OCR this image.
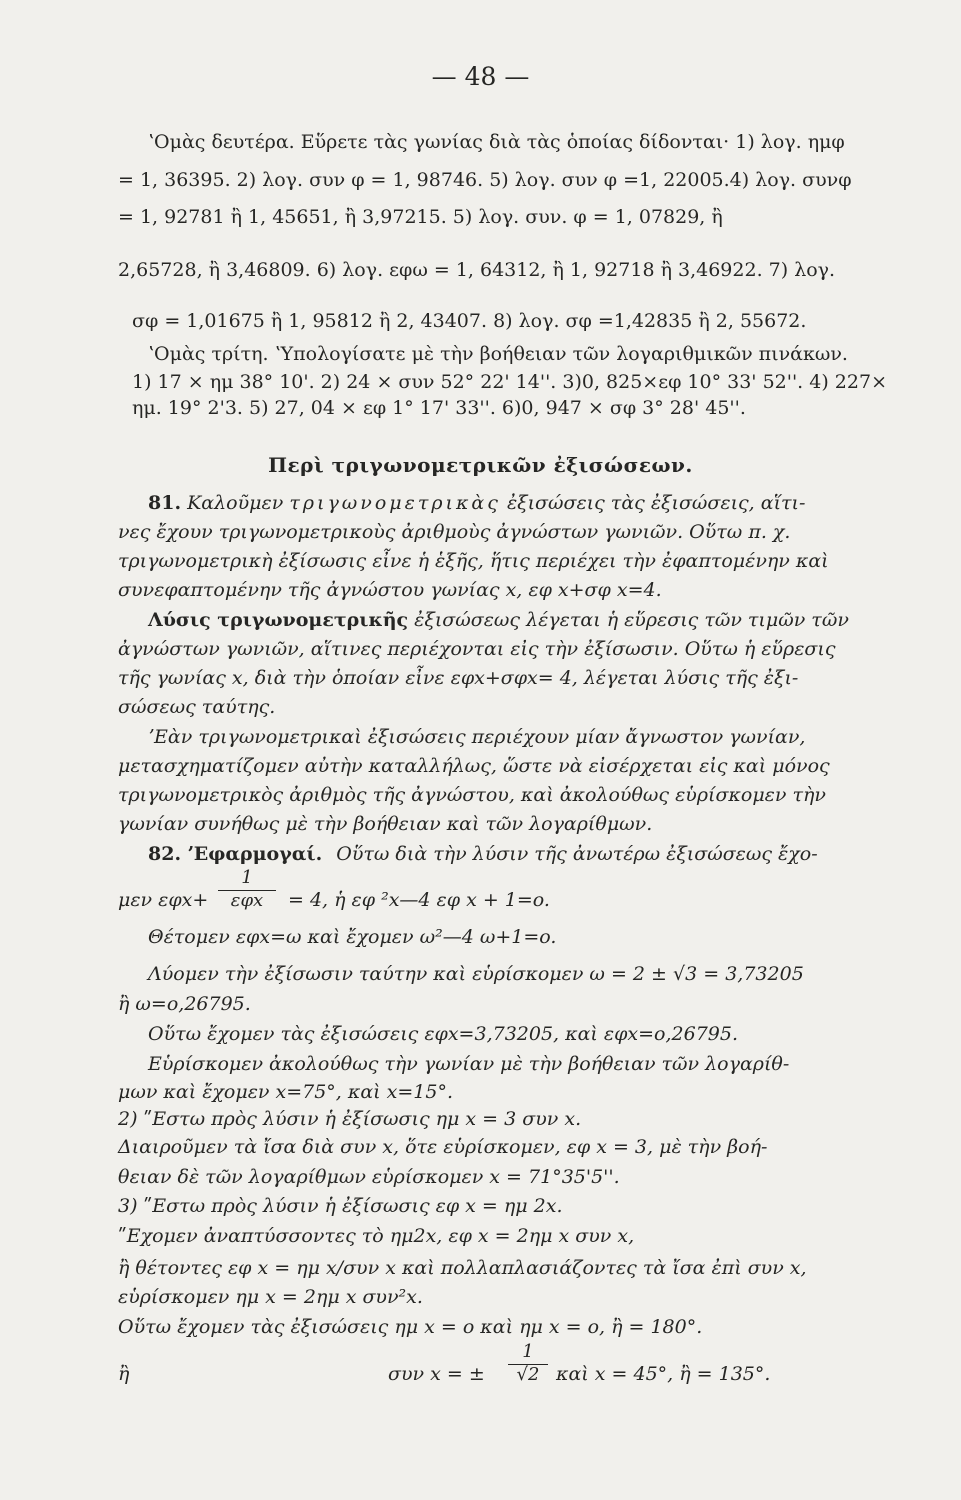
— 48 —
ʽΟμὰς δευτέρα. Εὕρετε τὰς γωνίας διὰ τὰς ὁποίας δίδονται· 1) λογ. ημφ
= 1, 36395. 2) λογ. συν φ = 1, 98746. 5) λογ. συν φ =1, 22005.4) λογ. συνφ
= 1, 92781 ἢ 1, 45651, ἢ 3,97215. 5) λογ. συν. φ = 1, 07829, ἢ
2,65728, ἢ 3,46809. 6) λογ. εφω = 1, 64312, ἢ 1, 92718 ἢ 3,46922. 7) λογ.
σφ = 1,01675 ἢ 1, 95812 ἢ 2, 43407. 8) λογ. σφ =1,42835 ἢ 2, 55672.
ʽΟμὰς τρίτη. ʽΥπολογίσατε μὲ τὴν βοήθειαν τῶν λογαριθμικῶν πινάκων.
1) 17 × ημ 38° 10'. 2) 24 × συν 52° 22' 14''. 3)0, 825×εφ 10° 33' 52''. 4) 227×
ημ. 19° 2'3. 5) 27, 04 × εφ 1° 17' 33''. 6)0, 947 × σφ 3° 28' 45''.
Περὶ τριγωνομετρικῶν ἐξισώσεων.
81. Καλοῦμεν τριγωνομετρικὰς ἐξισώσεις τὰς ἐξισώσεις, αἵτι-
νες ἔχουν τριγωνομετρικοὺς ἀριθμοὺς ἀγνώστων γωνιῶν. Οὕτω π. χ.
τριγωνομετρικὴ ἐξίσωσις εἶνε ἡ ἑξῆς, ἥτις περιέχει τὴν ἐφαπτομένην καὶ
συνεφαπτομένην τῆς ἀγνώστου γωνίας x, εφ x+σφ x=4.
Λύσις τριγωνομετρικῆς ἐξισώσεως λέγεται ἡ εὕρεσις τῶν τιμῶν τῶν
ἀγνώστων γωνιῶν, αἵτινες περιέχονται εἰς τὴν ἐξίσωσιν. Οὕτω ἡ εὕρεσις
τῆς γωνίας x, διὰ τὴν ὁποίαν εἶνε εφx+σφx= 4, λέγεται λύσις τῆς ἐξι-
σώσεως ταύτης.
ʼΕὰν τριγωνομετρικαὶ ἐξισώσεις περιέχουν μίαν ἄγνωστον γωνίαν,
μετασχηματίζομεν αὐτὴν καταλλήλως, ὥστε νὰ εἰσέρχεται εἰς καὶ μόνος
τριγωνομετρικὸς ἀριθμὸς τῆς ἀγνώστου, καὶ ἀκολούθως εὑρίσκομεν τὴν
γωνίαν συνήθως μὲ τὴν βοήθειαν καὶ τῶν λογαρίθμων.
82. ʼΕφαρμογαί. Οὕτω διὰ τὴν λύσιν τῆς ἀνωτέρω ἐξισώσεως ἔχο-
μεν εφx+
1
εφx	= 4, ἡ εφ ²x—4 εφ x + 1=o.
Θέτομεν εφx=ω καὶ ἔχομεν ω²—4 ω+1=o.
Λύομεν τὴν ἐξίσωσιν ταύτην καὶ εὑρίσκομεν ω = 2 ± √3 = 3,73205
ἢ ω=o,26795.
Οὕτω ἔχομεν τὰς ἐξισώσεις εφx=3,73205, καὶ εφx=o,26795.
Εὑρίσκομεν ἀκολούθως τὴν γωνίαν μὲ τὴν βοήθειαν τῶν λογαρίθ-
μων καὶ ἔχομεν x=75°, καὶ x=15°.
2) ʺΕστω πρὸς λύσιν ἡ ἐξίσωσις ημ x = 3 συν x.
Διαιροῦμεν τὰ ἴσα διὰ συν x, ὅτε εὑρίσκομεν, εφ x = 3, μὲ τὴν βοή-
θειαν δὲ τῶν λογαρίθμων εὑρίσκομεν x = 71°35'5''.
3) ʺΕστω πρὸς λύσιν ἡ ἐξίσωσις εφ x = ημ 2x.
ʺΕχομεν ἀναπτύσσοντες τὸ ημ2x, εφ x = 2ημ x συν x,
ἢ θέτοντες εφ x = ημ x/συν x καὶ πολλαπλασιάζοντες τὰ ἴσα ἐπὶ συν x,
εὑρίσκομεν ημ x = 2ημ x συν²x.
Οὕτω ἔχομεν τὰς ἐξισώσεις ημ x = o καὶ ημ x = o, ἢ = 180°.
ἢ	συν x = ± $\frac{1}{√2}$ καὶ x = 45°, ἢ = 135°.
